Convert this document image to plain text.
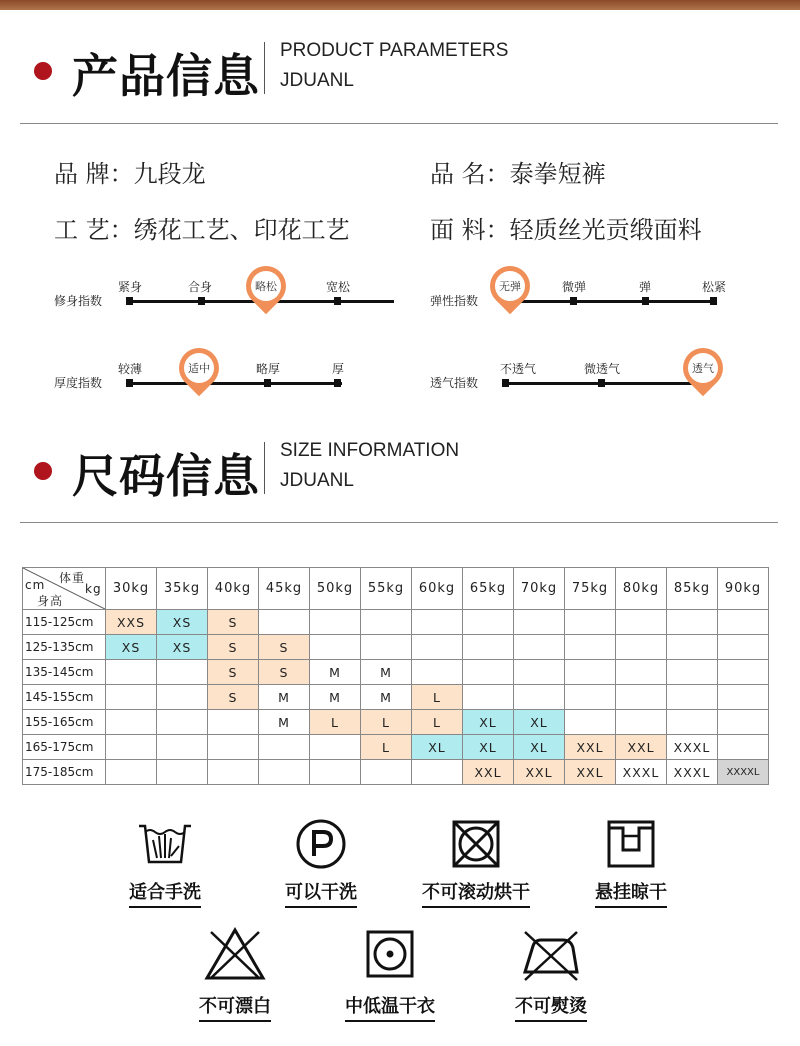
产品信息 PRODUCT PARAMETERS
JDUANL
品 牌：九段龙	品 名：泰拳短裤
工 艺：绣花工艺、印花工艺	面 料：轻质丝光贡缎面料
修身指数
紧身	合身	宽松
略松
弹性指数
微弹	弹	松紧
无弹
厚度指数
较薄	略厚	厚
适中
透气指数
不透气	微透气	透气
尺码信息 SIZE INFORMATION
JDUANL
体重
kg
cm
身高	30kg	35kg	40kg	45kg	50kg	55kg	60kg	65kg	70kg	75kg	80kg	85kg	90kg
115-125cm	XXS	XS	S										
125-135cm	XS	XS	S	S									
135-145cm			S	S	M	M							
145-155cm			S	M	M	M	L						
155-165cm				M	L	L	L	XL	XL				
165-175cm						L	XL	XL	XL	XXL	XXL	XXXL	
175-185cm								XXL	XXL	XXL	XXXL	XXXL	XXXXL
适合手洗	可以干洗	不可滚动烘干	悬挂晾干
不可漂白	中低温干衣	不可熨烫
